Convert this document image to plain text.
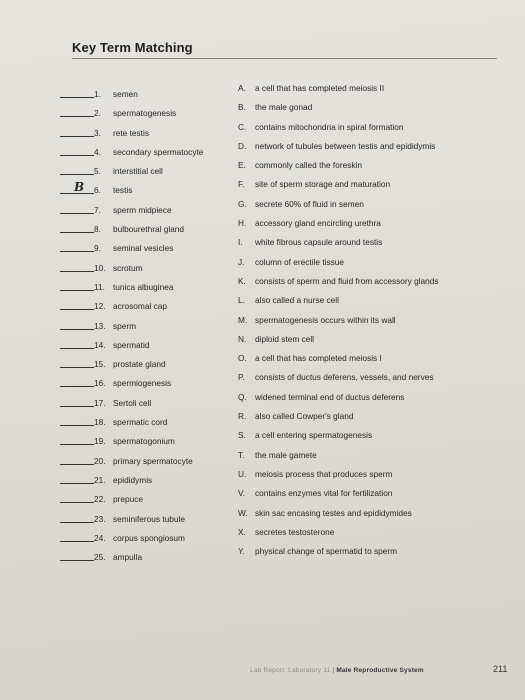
Key Term Matching
1. semen
2. spermatogenesis
3. rete testis
4. secondary spermatocyte
5. interstitial cell
B 6. testis
7. sperm midpiece
8. bulbourethral gland
9. seminal vesicles
10. scrotum
11. tunica albuginea
12. acrosomal cap
13. sperm
14. spermatid
15. prostate gland
16. spermiogenesis
17. Sertoli cell
18. spermatic cord
19. spermatogonium
20. primary spermatocyte
21. epididymis
22. prepuce
23. seminiferous tubule
24. corpus spongiosum
25. ampulla
A. a cell that has completed meiosis II
B. the male gonad
C. contains mitochondria in spiral formation
D. network of tubules between testis and epididymis
E. commonly called the foreskin
F. site of sperm storage and maturation
G. secrete 60% of fluid in semen
H. accessory gland encircling urethra
I. white fibrous capsule around testis
J. column of erectile tissue
K. consists of sperm and fluid from accessory glands
L. also called a nurse cell
M. spermatogenesis occurs within its wall
N. diploid stem cell
O. a cell that has completed meiosis I
P. consists of ductus deferens, vessels, and nerves
Q. widened terminal end of ductus deferens
R. also called Cowper's gland
S. a cell entering spermatogenesis
T. the male gamete
U. meiosis process that produces sperm
V. contains enzymes vital for fertilization
W. skin sac encasing testes and epididymides
X. secretes testosterone
Y. physical change of spermatid to sperm
Lab Report: Laboratory 11 | Male Reproductive System	211
